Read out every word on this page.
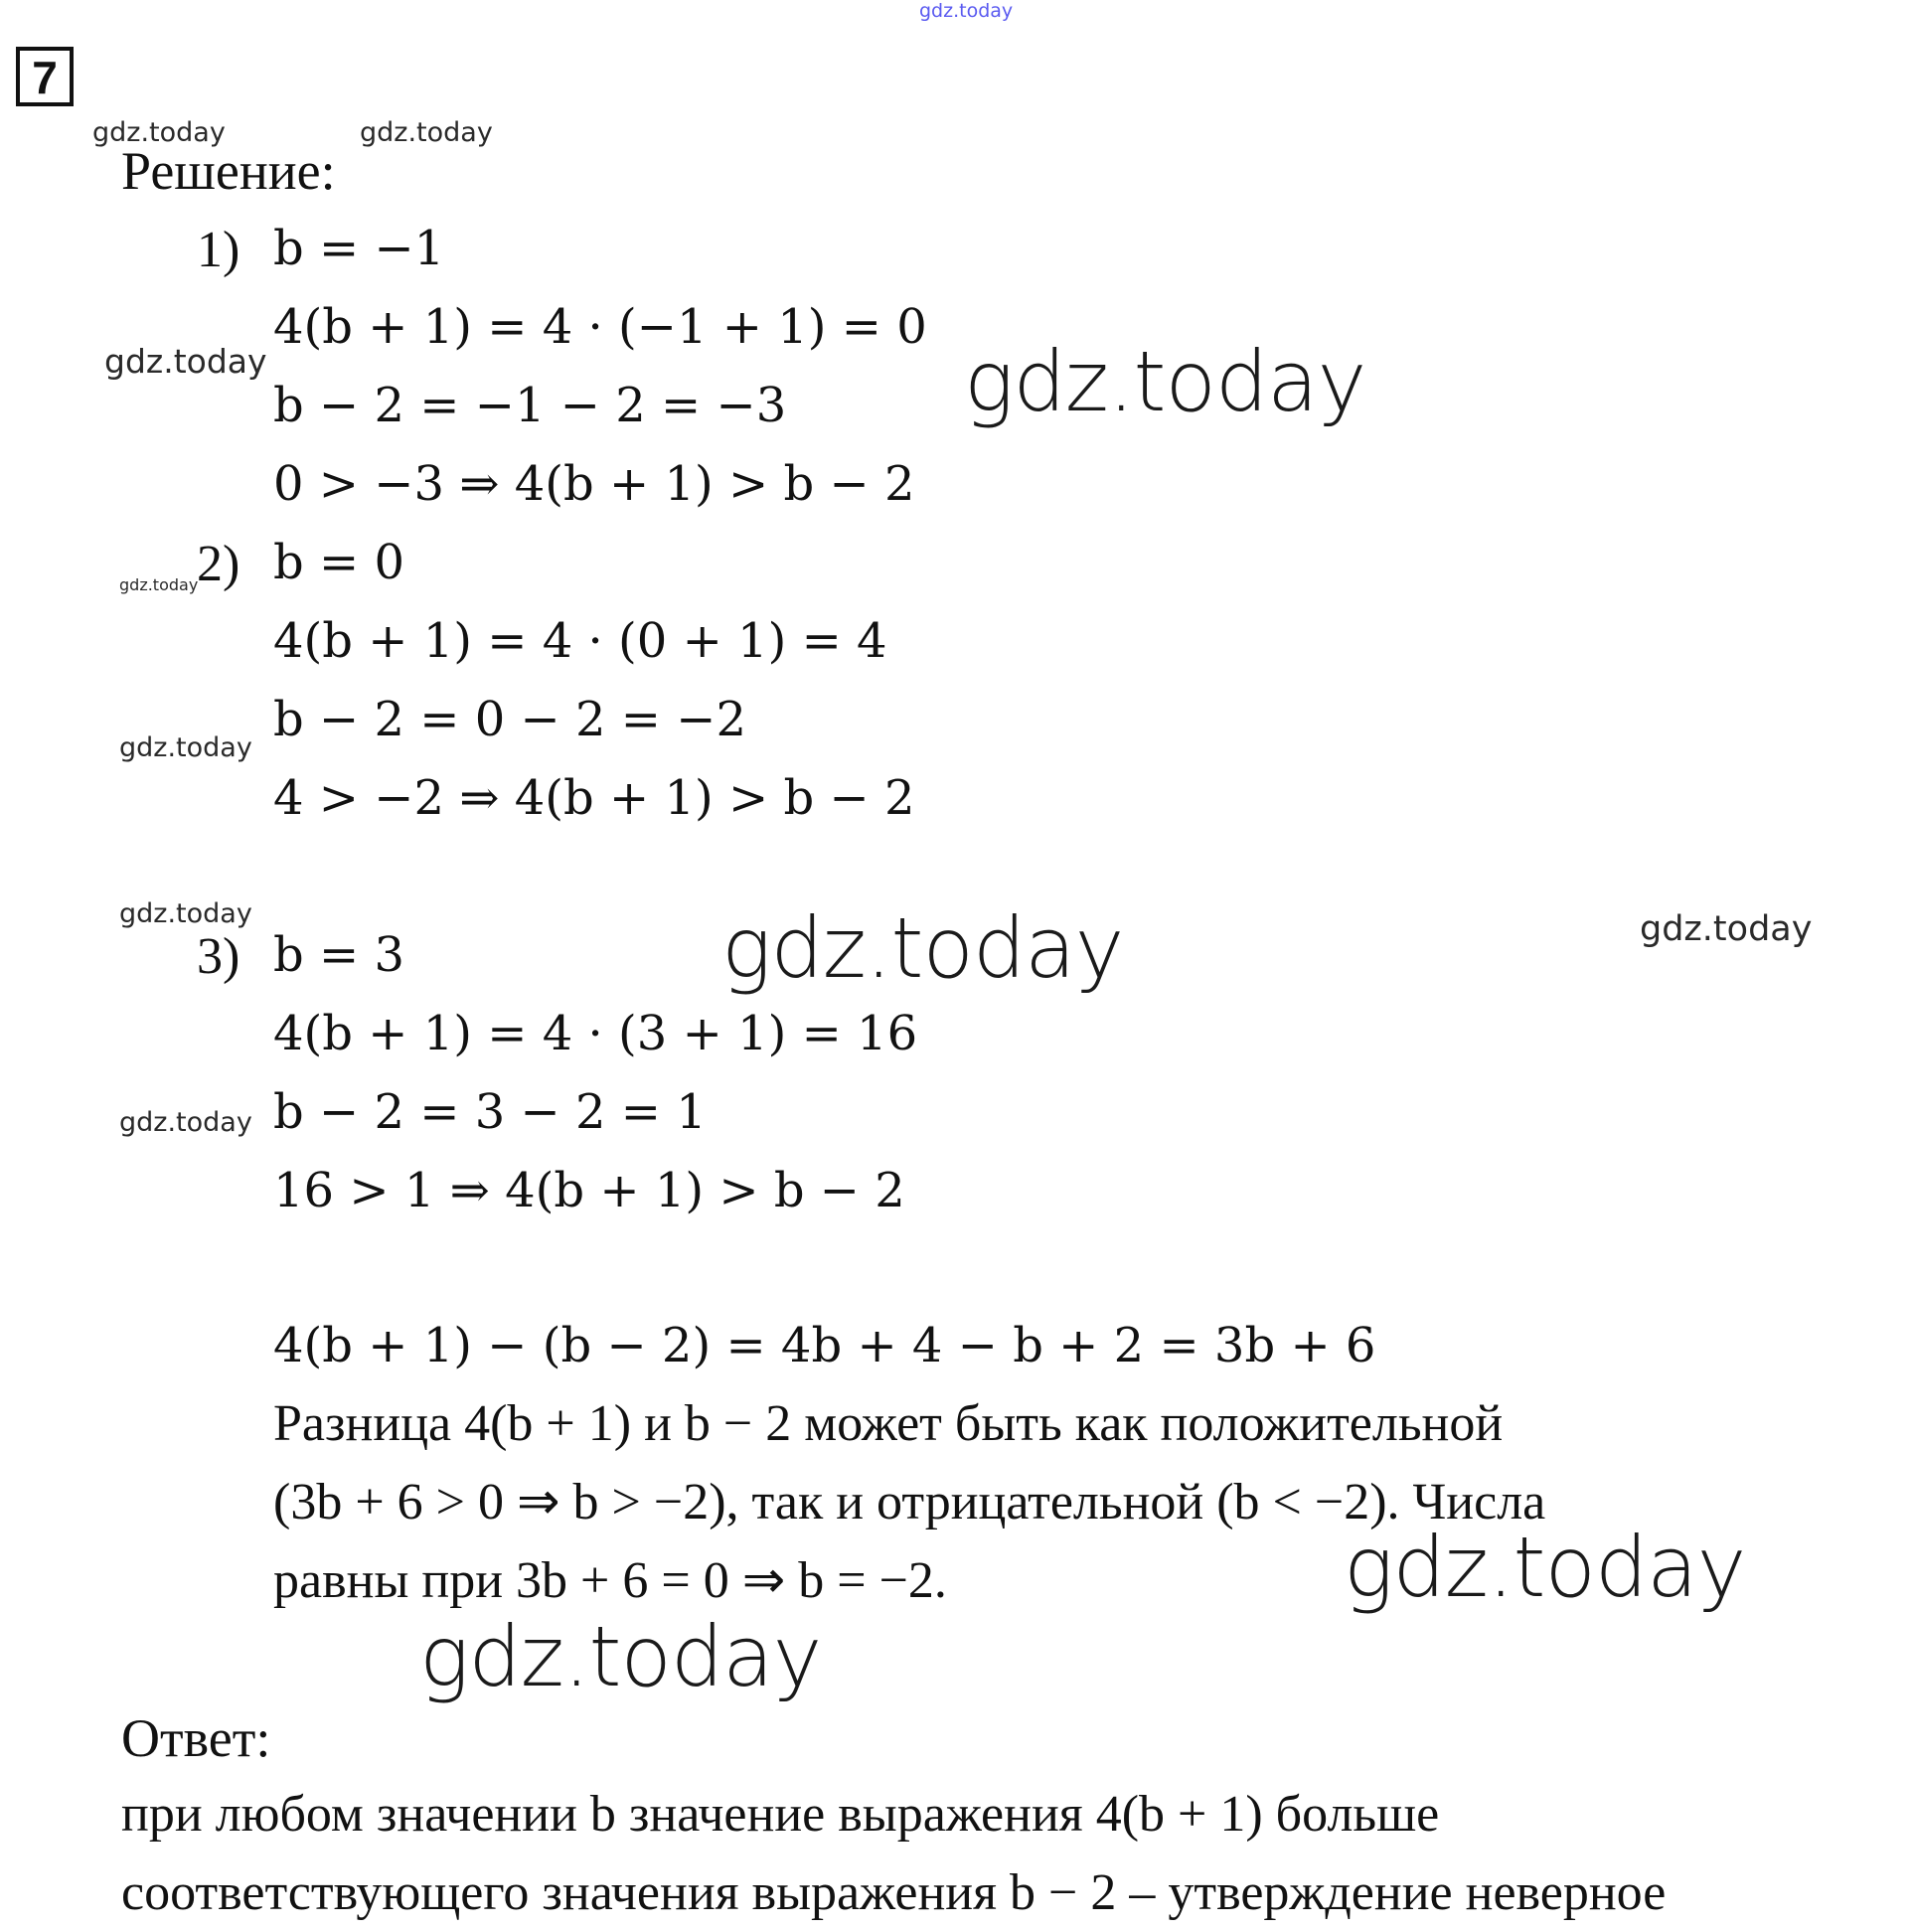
gdz.today
gdz.today	gdz.today
gdz.today	gdz.today
gdz.today
gdz.today
gdz.today	gdz.today	gdz.today
gdz.today
gdz.today
gdz.today
7
Решение:
1) b = −1
4(b + 1) = 4 · (−1 + 1) = 0
b − 2 = −1 − 2 = −3
0 > −3 ⇒ 4(b + 1) > b − 2
2) b = 0
4(b + 1) = 4 · (0 + 1) = 4
b − 2 = 0 − 2 = −2
4 > −2 ⇒ 4(b + 1) > b − 2
3) b = 3
4(b + 1) = 4 · (3 + 1) = 16
b − 2 = 3 − 2 = 1
16 > 1 ⇒ 4(b + 1) > b − 2
4(b + 1) − (b − 2) = 4b + 4 − b + 2 = 3b + 6
Разница 4(b + 1) и b − 2 может быть как положительной
(3b + 6 > 0 ⇒ b > −2), так и отрицательной (b < −2). Числа
равны при 3b + 6 = 0 ⇒ b = −2.
Ответ:
при любом значении b значение выражения 4(b + 1) больше
соответствующего значения выражения b − 2 – утверждение неверное
